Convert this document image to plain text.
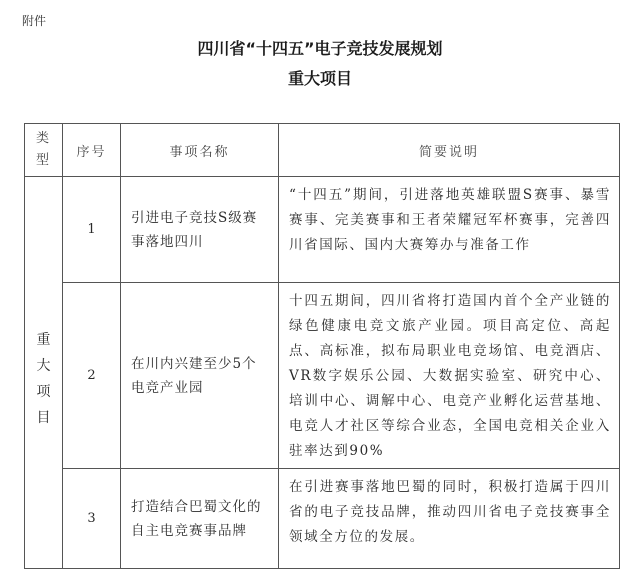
附件
四川省“十四五”电子竞技发展规划
重大项目
类
型	序号	事项名称	简要说明
重
大
项
目	1	引进电子竞技S级赛事落地四川	“十四五”期间，引进落地英雄联盟S赛事、暴雪赛事、完美赛事和王者荣耀冠军杯赛事，完善四川省国际、国内大赛筹办与准备工作
	2	在川内兴建至少5个电竞产业园	十四五期间，四川省将打造国内首个全产业链的绿色健康电竞文旅产业园。项目高定位、高起点、高标准，拟布局职业电竞场馆、电竞酒店、VR数字娱乐公园、大数据实验室、研究中心、培训中心、调解中心、电竞产业孵化运营基地、电竞人才社区等综合业态，全国电竞相关企业入驻率达到90%
	3	打造结合巴蜀文化的自主电竞赛事品牌	在引进赛事落地巴蜀的同时，积极打造属于四川省的电子竞技品牌，推动四川省电子竞技赛事全领域全方位的发展。
